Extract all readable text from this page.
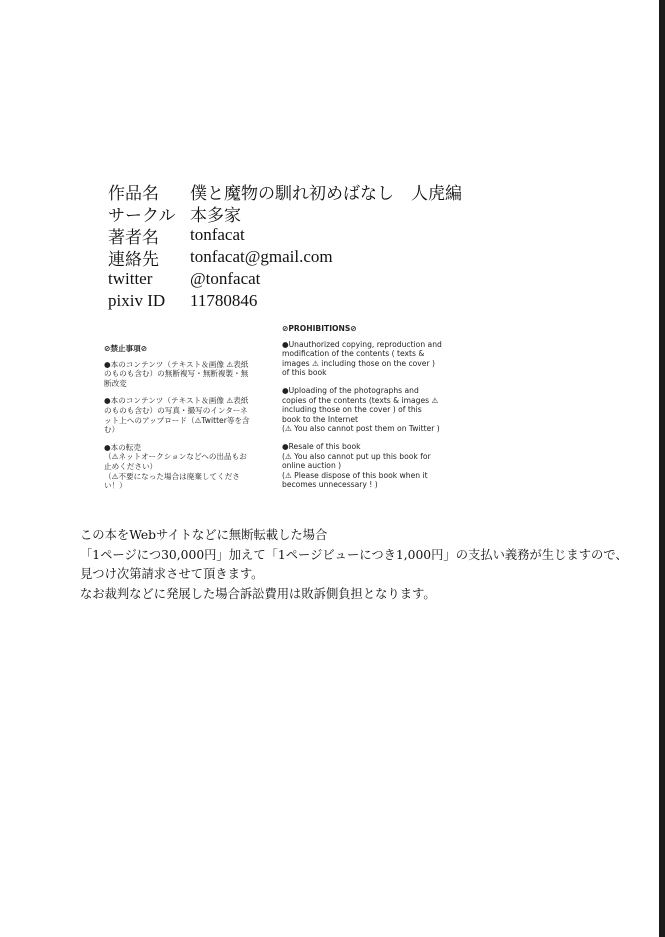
作品名	僕と魔物の馴れ初めばなし　人虎編
サークル 本多家
著者名	tonfacat
連絡先	tonfacat@gmail.com
twitter	@tonfacat
pixiv ID	11780846
⊘禁止事項⊘
●本のコンテンツ（テキスト＆画像 ⚠表紙のものも含む）の無断複写・無断複製・無断改変
●本のコンテンツ（テキスト＆画像 ⚠表紙のものも含む）の写真・撮写のインターネット上へのアップロード（⚠Twitter等を含む）
●本の転売
（⚠ネットオークションなどへの出品もお止めください）
（⚠不要になった場合は廃棄してください！）
⊘PROHIBITIONS⊘
●Unauthorized copying, reproduction and modification of the contents ( texts & images ⚠ including those on the cover ) of this book
●Uploading of the photographs and copies of the contents (texts & images ⚠ including those on the cover ) of this book to the Internet
(⚠ You also cannot post them on Twitter )
●Resale of this book
(⚠ You also cannot put up this book for online auction )
(⚠ Please dispose of this book when it becomes unnecessary ! )
この本をWebサイトなどに無断転載した場合
「1ページにつ30,000円」加えて「1ページビューにつき1,000円」の支払い義務が生じますので、
見つけ次第請求させて頂きます。
なお裁判などに発展した場合訴訟費用は敗訴側負担となります。
